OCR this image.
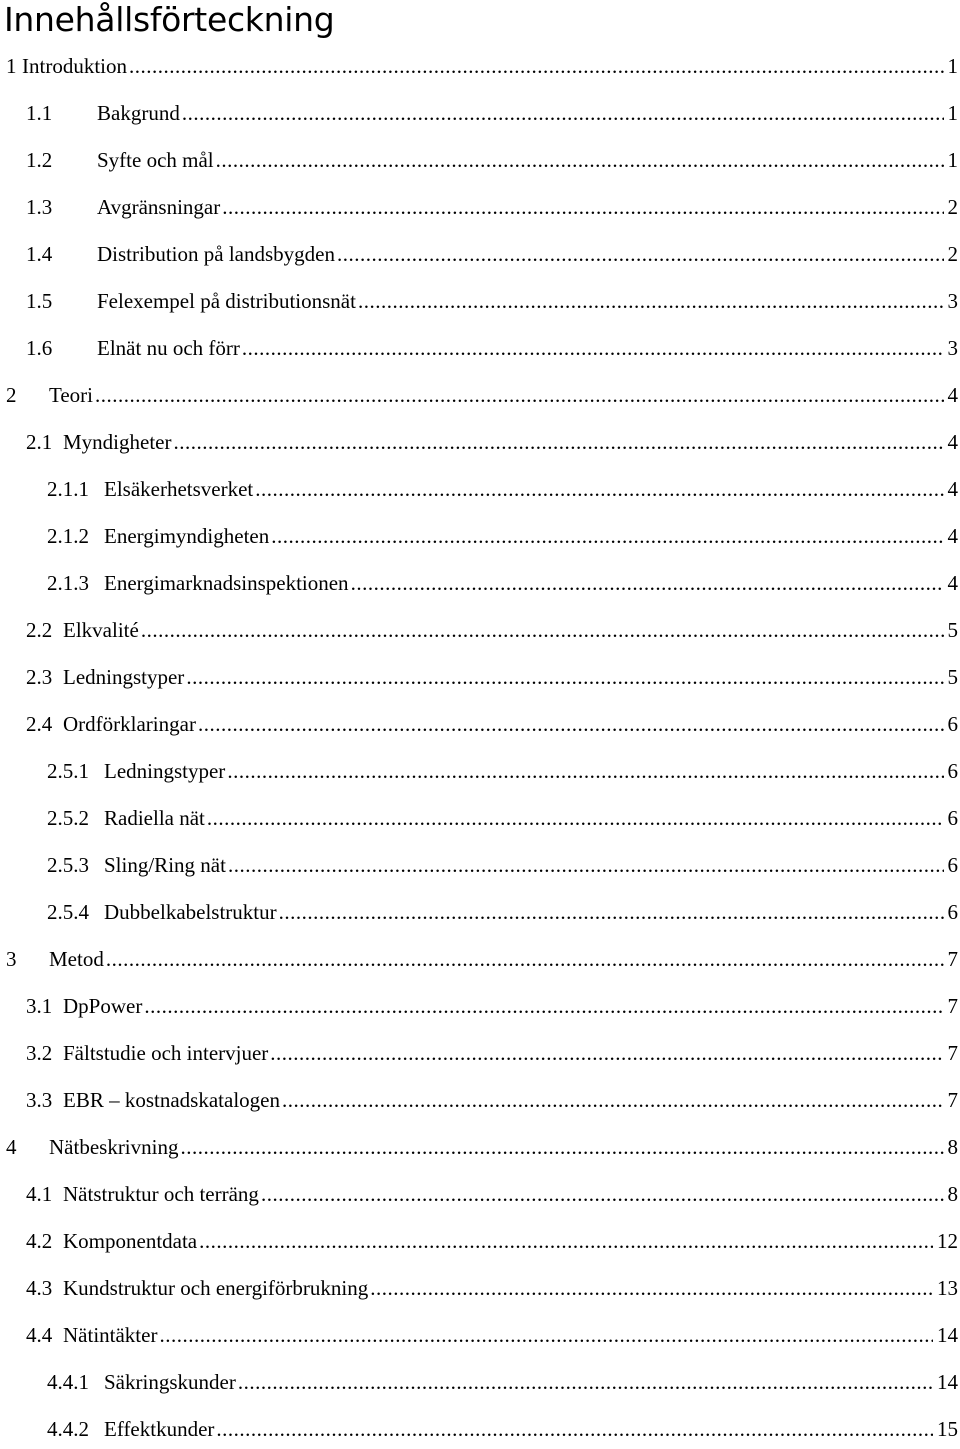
Innehållsförteckning
1 Introduktion .....	1
1.1	Bakgrund .....	1
1.2	Syfte och mål .....	1
1.3	Avgränsningar .....	2
1.4	Distribution på landsbygden .....	2
1.5	Felexempel på distributionsnät .....	3
1.6	Elnät nu och förr .....	3
2	Teori .....	4
2.1 Myndigheter .....	4
2.1.1 Elsäkerhetsverket .....	4
2.1.2 Energimyndigheten .....	4
2.1.3 Energimarknadsinspektionen .....	4
2.2 Elkvalité .....	5
2.3 Ledningstyper .....	5
2.4 Ordförklaringar .....	6
2.5.1 Ledningstyper .....	6
2.5.2 Radiella nät .....	6
2.5.3 Sling/Ring nät .....	6
2.5.4 Dubbelkabelstruktur .....	6
3	Metod .....	7
3.1 DpPower .....	7
3.2 Fältstudie och intervjuer .....	7
3.3 EBR – kostnadskatalogen .....	7
4	Nätbeskrivning .....	8
4.1 Nätstruktur och terräng .....	8
4.2 Komponentdata .....	12
4.3 Kundstruktur och energiförbrukning .....	13
4.4 Nätintäkter .....	14
4.4.1 Säkringskunder .....	14
4.4.2 Effektkunder .....	15
